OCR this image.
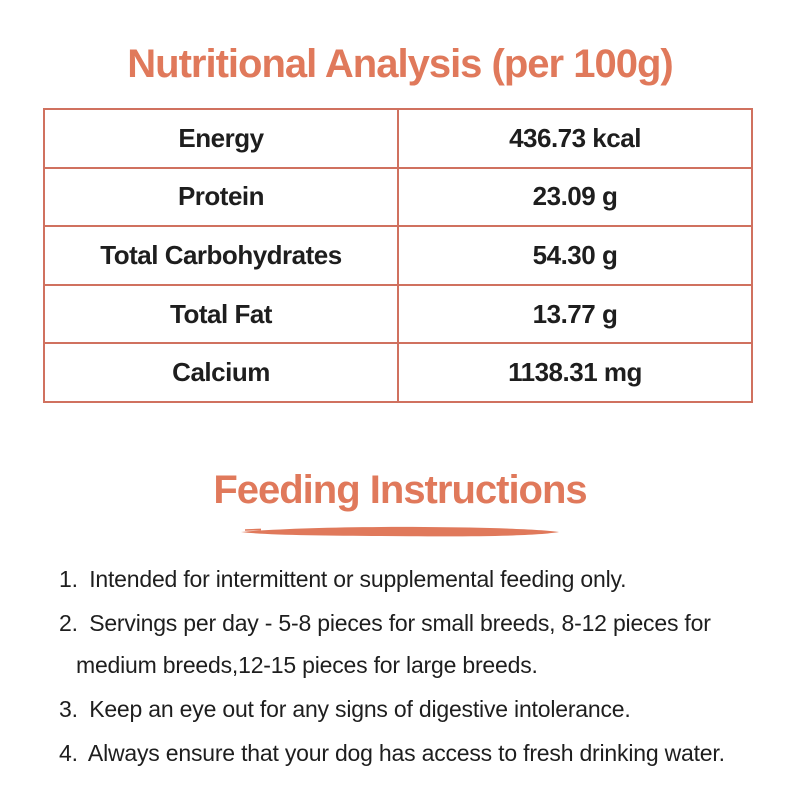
Nutritional Analysis (per 100g)
Energy	436.73 kcal
Protein	23.09 g
Total Carbohydrates	54.30 g
Total Fat	13.77 g
Calcium	1138.31 mg
Feeding Instructions
1. Intended for intermittent or supplemental feeding only.
2. Servings per day - 5-8 pieces for small breeds, 8-12 pieces for medium breeds,12-15 pieces for large breeds.
3. Keep an eye out for any signs of digestive intolerance.
4. Always ensure that your dog has access to fresh drinking water.
